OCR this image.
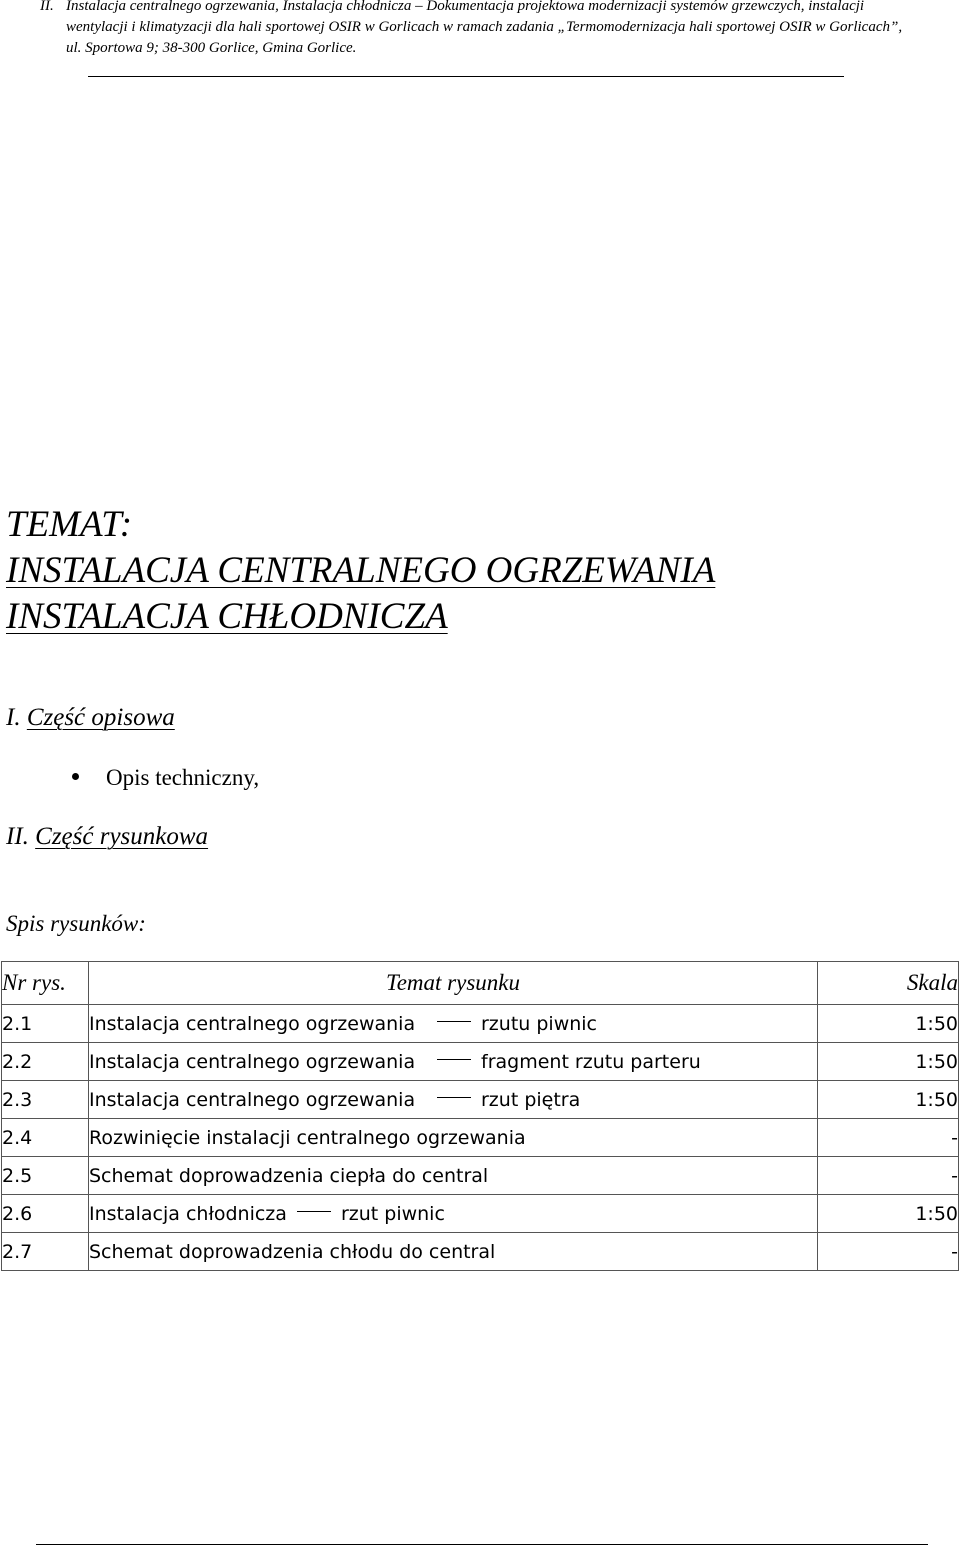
II. Instalacja centralnego ogrzewania, Instalacja chłodnicza – Dokumentacja projektowa modernizacji systemów grzewczych, instalacji wentylacji i klimatyzacji dla hali sportowej OSIR w Gorlicach w ramach zadania „Termomodernizacja hali sportowej OSIR w Gorlicach”, ul. Sportowa 9; 38-300 Gorlice, Gmina Gorlice.
TEMAT:
INSTALACJA CENTRALNEGO OGRZEWANIA
INSTALACJA CHŁODNICZA
I. Część opisowa
Opis techniczny,
II. Część rysunkowa
Spis rysunków:
Nr rys.	Temat rysunku	Skala
2.1	Instalacja centralnego ogrzewania rzutu piwnic	1:50
2.2	Instalacja centralnego ogrzewania fragment rzutu parteru	1:50
2.3	Instalacja centralnego ogrzewania rzut piętra	1:50
2.4	Rozwinięcie instalacji centralnego ogrzewania	-
2.5	Schemat doprowadzenia ciepła do central	-
2.6	Instalacja chłodnicza rzut piwnic	1:50
2.7	Schemat doprowadzenia chłodu do central	-
